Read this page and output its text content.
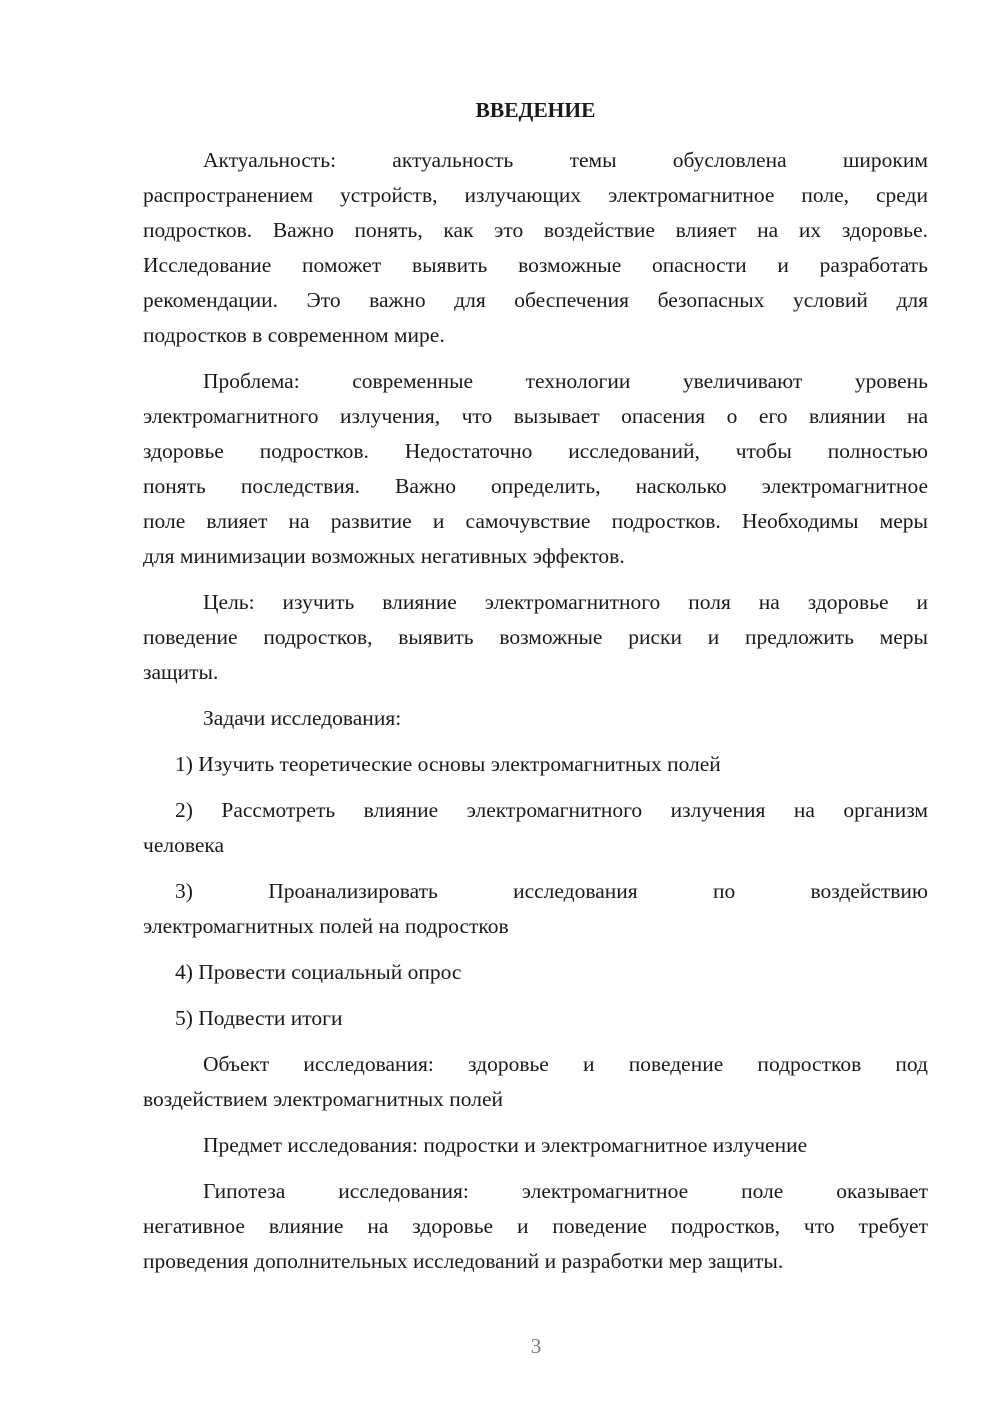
ВВЕДЕНИЕ
Актуальность: актуальность темы обусловлена широким
распространением устройств, излучающих электромагнитное поле, среди
подростков. Важно понять, как это воздействие влияет на их здоровье.
Исследование поможет выявить возможные опасности и разработать
рекомендации. Это важно для обеспечения безопасных условий для
подростков в современном мире.
Проблема: современные технологии увеличивают уровень
электромагнитного излучения, что вызывает опасения о его влиянии на
здоровье подростков. Недостаточно исследований, чтобы полностью
понять последствия. Важно определить, насколько электромагнитное
поле влияет на развитие и самочувствие подростков. Необходимы меры
для минимизации возможных негативных эффектов.
Цель: изучить влияние электромагнитного поля на здоровье и
поведение подростков, выявить возможные риски и предложить меры
защиты.
Задачи исследования:
1) Изучить теоретические основы электромагнитных полей
2) Рассмотреть влияние электромагнитного излучения на организм
человека
3) Проанализировать исследования по воздействию
электромагнитных полей на подростков
4) Провести социальный опрос
5) Подвести итоги
Объект исследования: здоровье и поведение подростков под
воздействием электромагнитных полей
Предмет исследования: подростки и электромагнитное излучение
Гипотеза исследования: электромагнитное поле оказывает
негативное влияние на здоровье и поведение подростков, что требует
проведения дополнительных исследований и разработки мер защиты.
3
